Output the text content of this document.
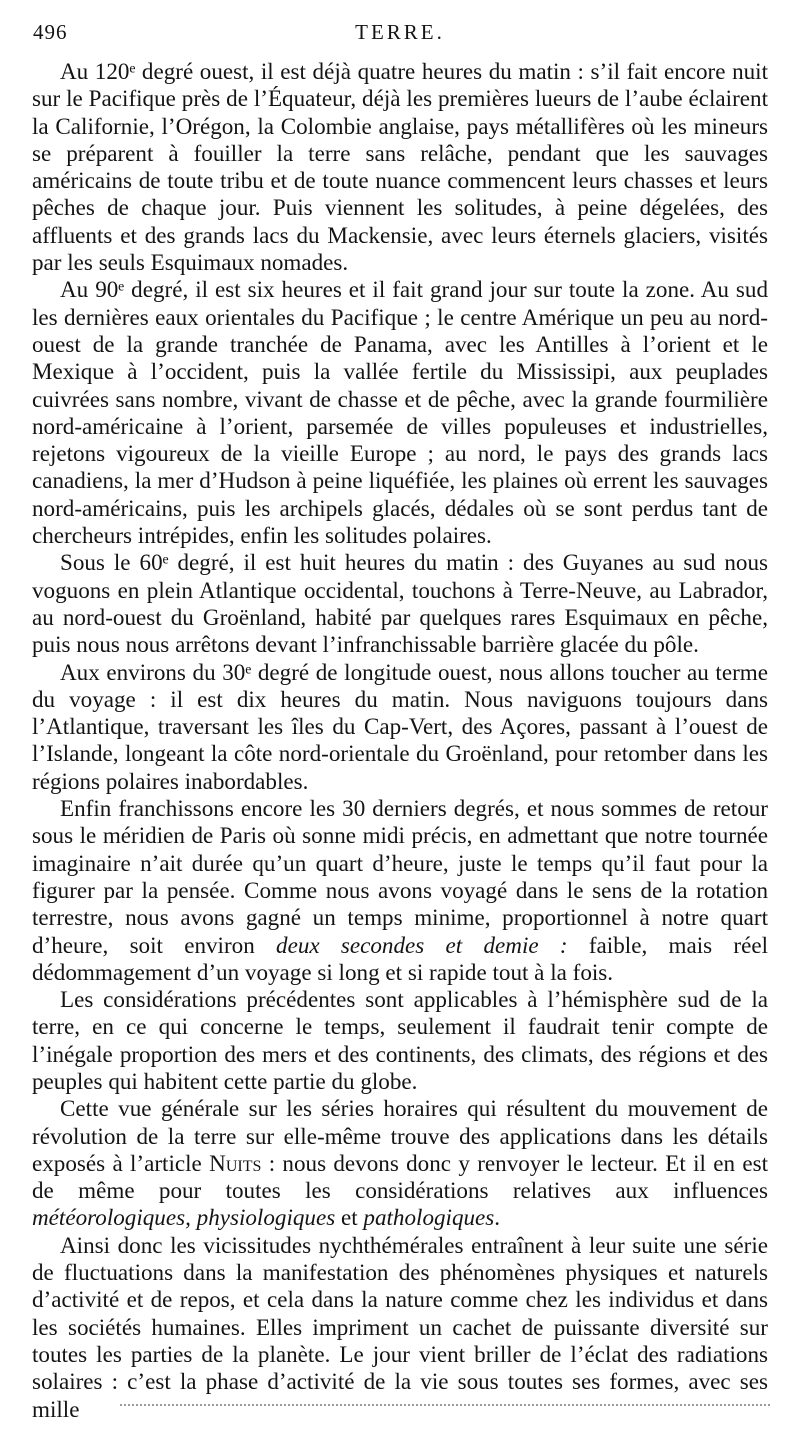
496	TERRE.

Au 120ᵉ degré ouest, il est déjà quatre heures du matin : s’il fait encore nuit sur le Pacifique près de l’Équateur, déjà les premières lueurs de l’aube éclairent la Californie, l’Orégon, la Colombie anglaise, pays métallifères où les mineurs se préparent à fouiller la terre sans relâche, pendant que les sauvages américains de toute tribu et de toute nuance commencent leurs chasses et leurs pêches de chaque jour. Puis viennent les solitudes, à peine dégelées, des affluents et des grands lacs du Mackensie, avec leurs éternels glaciers, visités par les seuls Esquimaux nomades.

Au 90ᵉ degré, il est six heures et il fait grand jour sur toute la zone. Au sud les dernières eaux orientales du Pacifique ; le centre Amérique un peu au nord-ouest de la grande tranchée de Panama, avec les Antilles à l’orient et le Mexique à l’occident, puis la vallée fertile du Mississipi, aux peuplades cuivrées sans nombre, vivant de chasse et de pêche, avec la grande fourmilière nord-américaine à l’orient, parsemée de villes populeuses et industrielles, rejetons vigoureux de la vieille Europe ; au nord, le pays des grands lacs canadiens, la mer d’Hudson à peine liquéfiée, les plaines où errent les sauvages nord-américains, puis les archipels glacés, dédales où se sont perdus tant de chercheurs intrépides, enfin les solitudes polaires.

Sous le 60ᵉ degré, il est huit heures du matin : des Guyanes au sud nous voguons en plein Atlantique occidental, touchons à Terre-Neuve, au Labrador, au nord-ouest du Groënland, habité par quelques rares Esquimaux en pêche, puis nous nous arrêtons devant l’infranchissable barrière glacée du pôle.

Aux environs du 30ᵉ degré de longitude ouest, nous allons toucher au terme du voyage : il est dix heures du matin. Nous naviguons toujours dans l’Atlantique, traversant les îles du Cap-Vert, des Açores, passant à l’ouest de l’Islande, longeant la côte nord-orientale du Groënland, pour retomber dans les régions polaires inabordables.

Enfin franchissons encore les 30 derniers degrés, et nous sommes de retour sous le méridien de Paris où sonne midi précis, en admettant que notre tournée imaginaire n’ait durée qu’un quart d’heure, juste le temps qu’il faut pour la figurer par la pensée. Comme nous avons voyagé dans le sens de la rotation terrestre, nous avons gagné un temps minime, proportionnel à notre quart d’heure, soit environ deux secondes et demie : faible, mais réel dédommagement d’un voyage si long et si rapide tout à la fois.

Les considérations précédentes sont applicables à l’hémisphère sud de la terre, en ce qui concerne le temps, seulement il faudrait tenir compte de l’inégale proportion des mers et des continents, des climats, des régions et des peuples qui habitent cette partie du globe.

Cette vue générale sur les séries horaires qui résultent du mouvement de révolution de la terre sur elle-même trouve des applications dans les détails exposés à l’article Nuits : nous devons donc y renvoyer le lecteur. Et il en est de même pour toutes les considérations relatives aux influences météorologiques, physiologiques et pathologiques.

Ainsi donc les vicissitudes nychthémérales entraînent à leur suite une série de fluctuations dans la manifestation des phénomènes physiques et naturels d’activité et de repos, et cela dans la nature comme chez les individus et dans les sociétés humaines. Elles impriment un cachet de puissante diversité sur toutes les parties de la planète. Le jour vient briller de l’éclat des radiations solaires : c’est la phase d’activité de la vie sous toutes ses formes, avec ses mille
